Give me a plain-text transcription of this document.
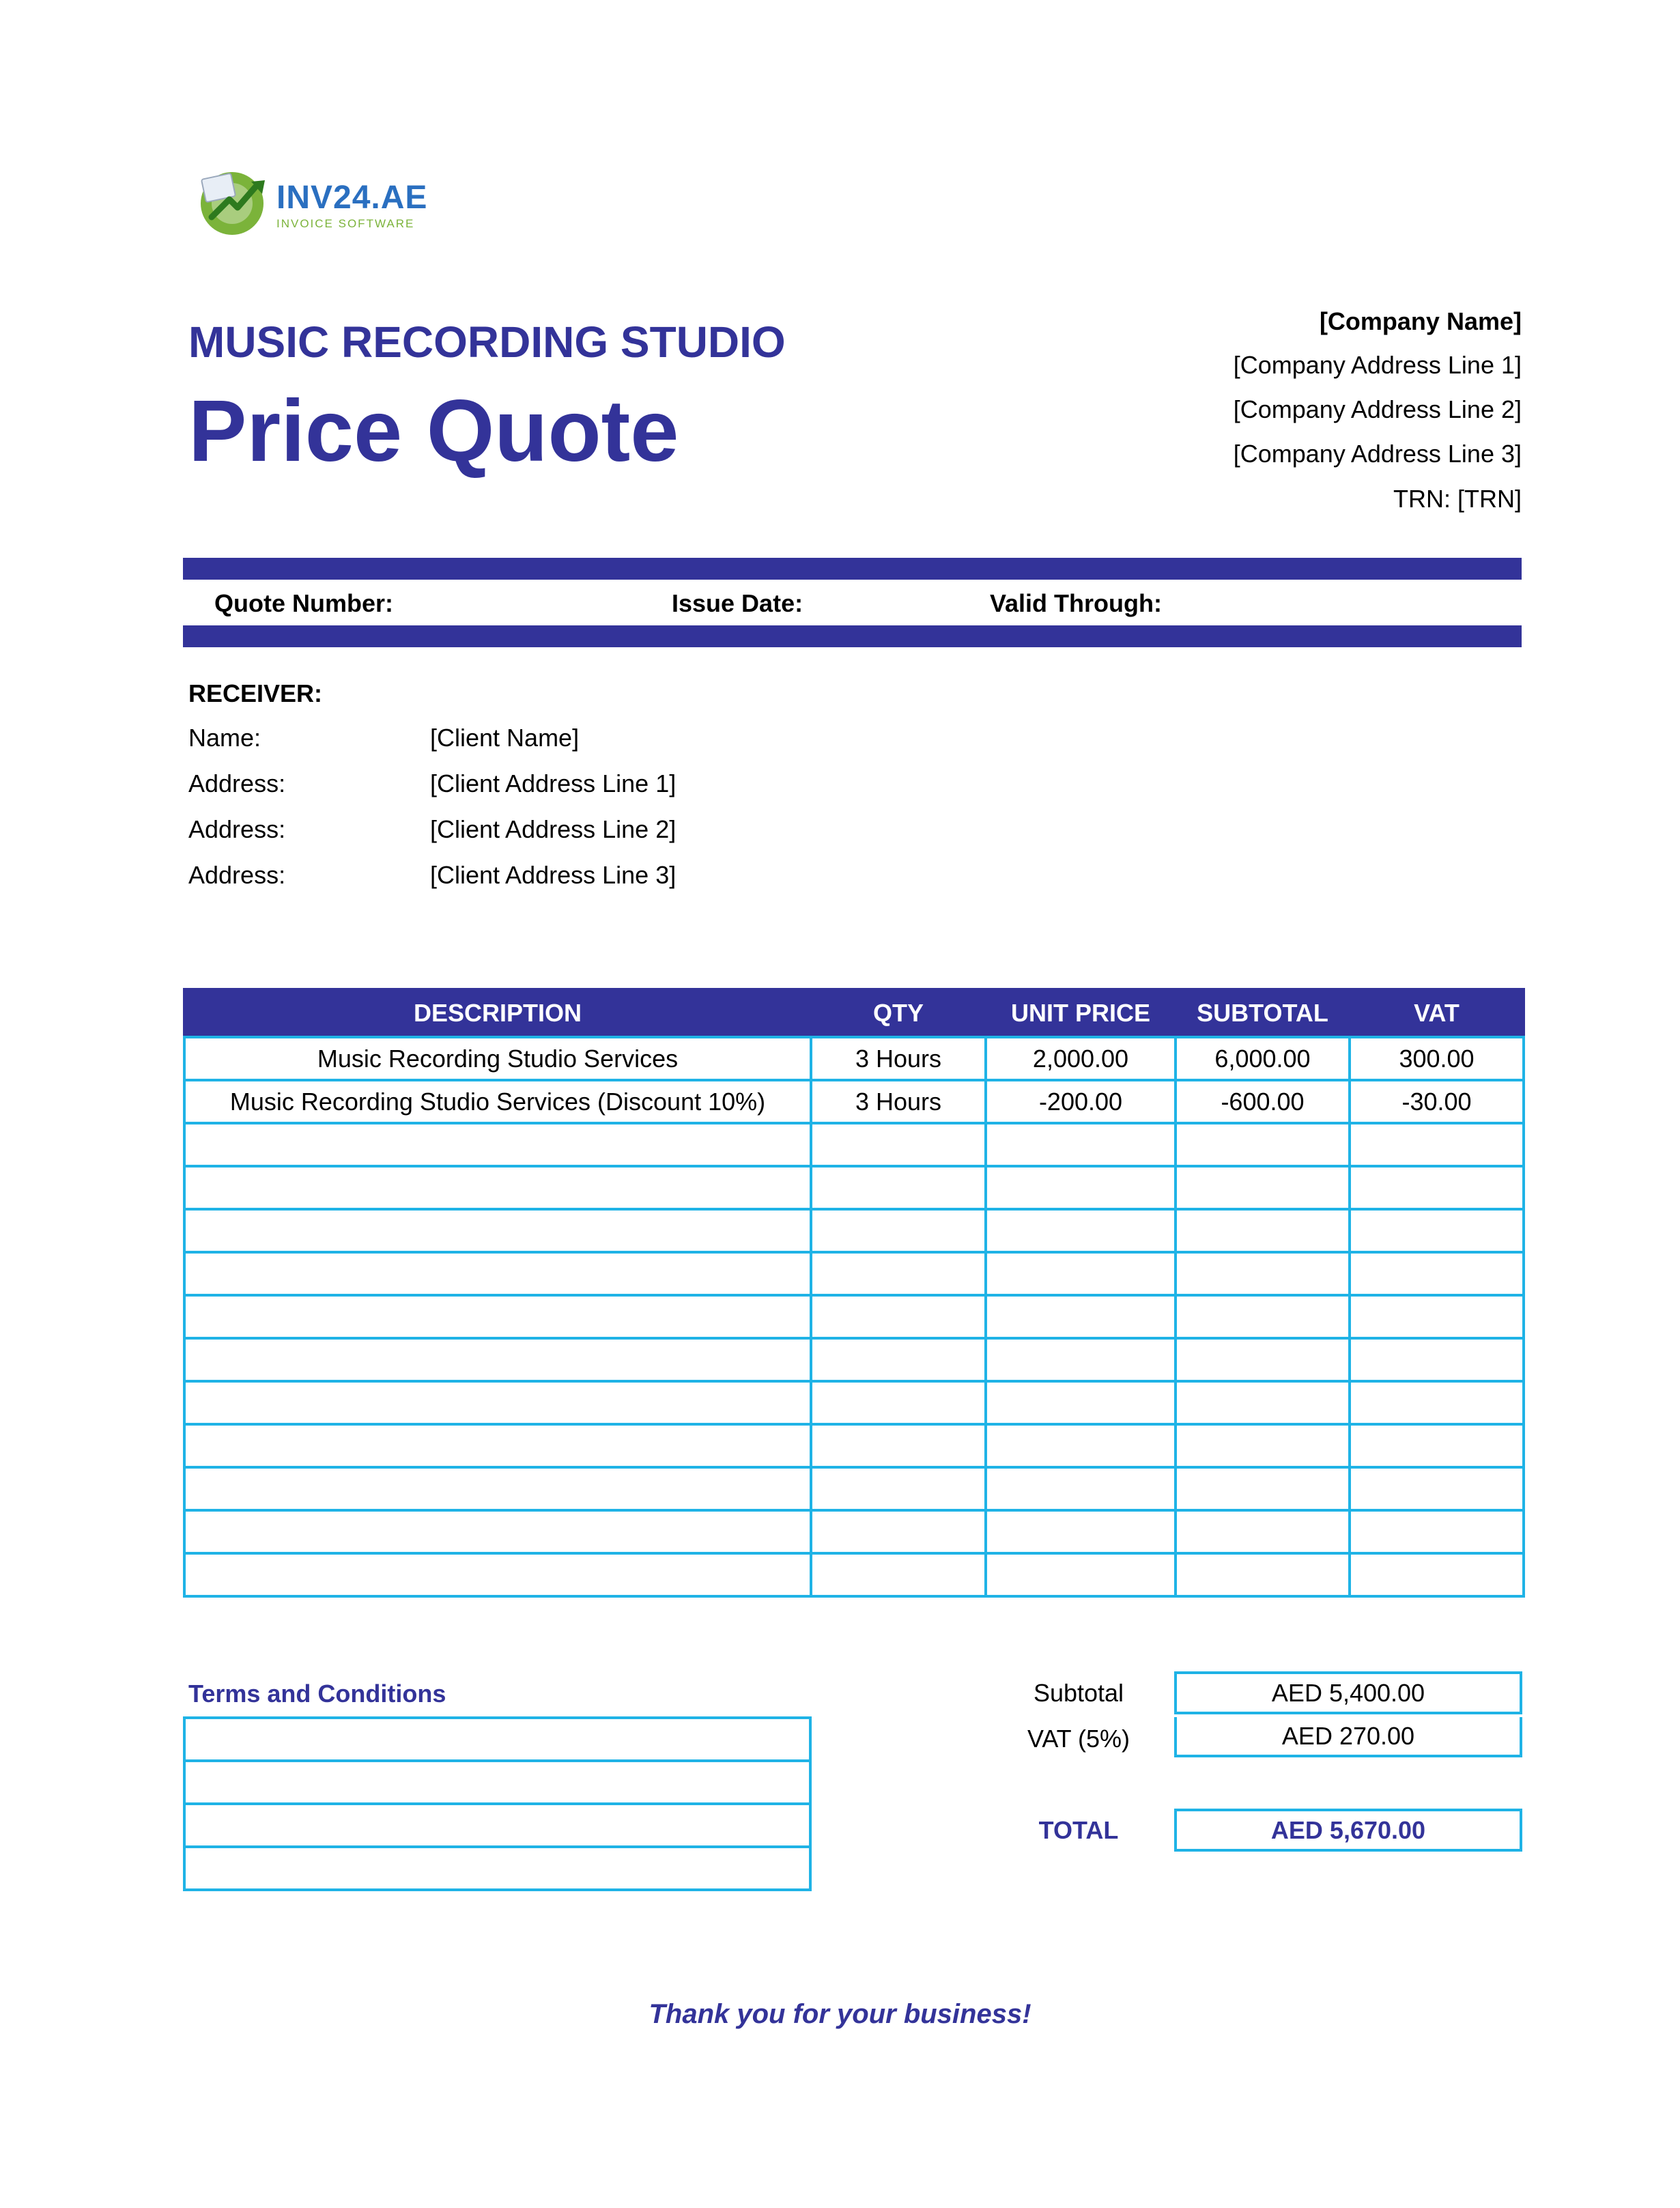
INV24.AE
INVOICE SOFTWARE
MUSIC RECORDING STUDIO
Price Quote
[Company Name]
[Company Address Line 1]
[Company Address Line 2]
[Company Address Line 3]
TRN: [TRN]
Quote Number:	Issue Date:	Valid Through:
RECEIVER:
Name:	[Client Name]
Address:	[Client Address Line 1]
Address:	[Client Address Line 2]
Address:	[Client Address Line 3]
DESCRIPTION	QTY	UNIT PRICE	SUBTOTAL	VAT
Music Recording Studio Services	3 Hours	2,000.00	6,000.00	300.00
Music Recording Studio Services (Discount 10%)	3 Hours	-200.00	-600.00	-30.00

Terms and Conditions	Subtotal	AED 5,400.00
VAT (5%)	AED 270.00
TOTAL	AED 5,670.00
Thank you for your business!
